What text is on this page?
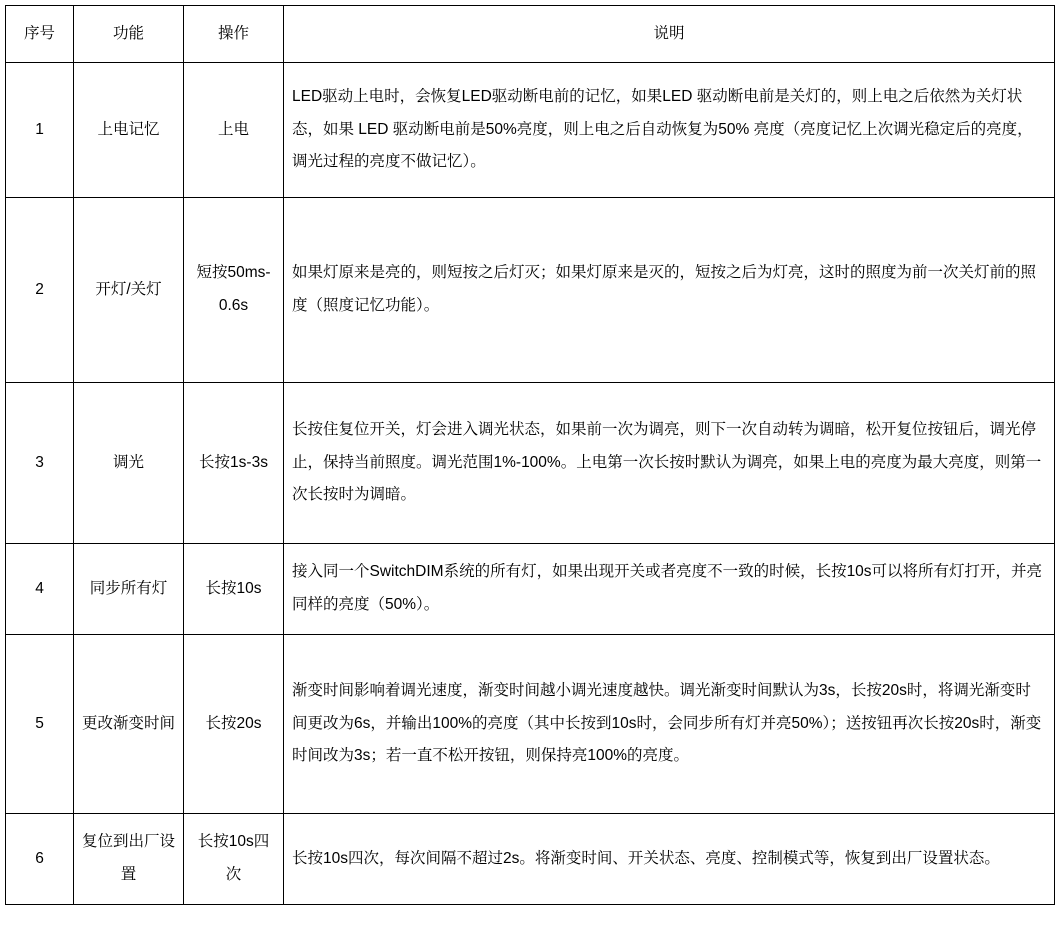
序号	功能	操作	说明
1	上电记忆	上电	LED驱动上电时，会恢复LED驱动断电前的记忆，如果LED 驱动断电前是关灯的，则上电之后依然为关灯状态，如果 LED 驱动断电前是50%亮度，则上电之后自动恢复为50% 亮度（亮度记忆上次调光稳定后的亮度，调光过程的亮度不做记忆）。
2	开灯/关灯	短按50ms-0.6s	如果灯原来是亮的，则短按之后灯灭；如果灯原来是灭的，短按之后为灯亮，这时的照度为前一次关灯前的照度（照度记忆功能）。
3	调光	长按1s-3s	长按住复位开关，灯会进入调光状态，如果前一次为调亮，则下一次自动转为调暗，松开复位按钮后，调光停止，保持当前照度。调光范围1%-100%。上电第一次长按时默认为调亮，如果上电的亮度为最大亮度，则第一次长按时为调暗。
4	同步所有灯	长按10s	接入同一个SwitchDIM系统的所有灯，如果出现开关或者亮度不一致的时候，长按10s可以将所有灯打开，并亮同样的亮度（50%）。
5	更改渐变时间	长按20s	渐变时间影响着调光速度，渐变时间越小调光速度越快。调光渐变时间默认为3s，长按20s时，将调光渐变时间更改为6s，并输出100%的亮度（其中长按到10s时，会同步所有灯并亮50%）；送按钮再次长按20s时，渐变时间改为3s；若一直不松开按钮，则保持亮100%的亮度。
6	复位到出厂设置	长按10s四次	长按10s四次，每次间隔不超过2s。将渐变时间、开关状态、亮度、控制模式等，恢复到出厂设置状态。
